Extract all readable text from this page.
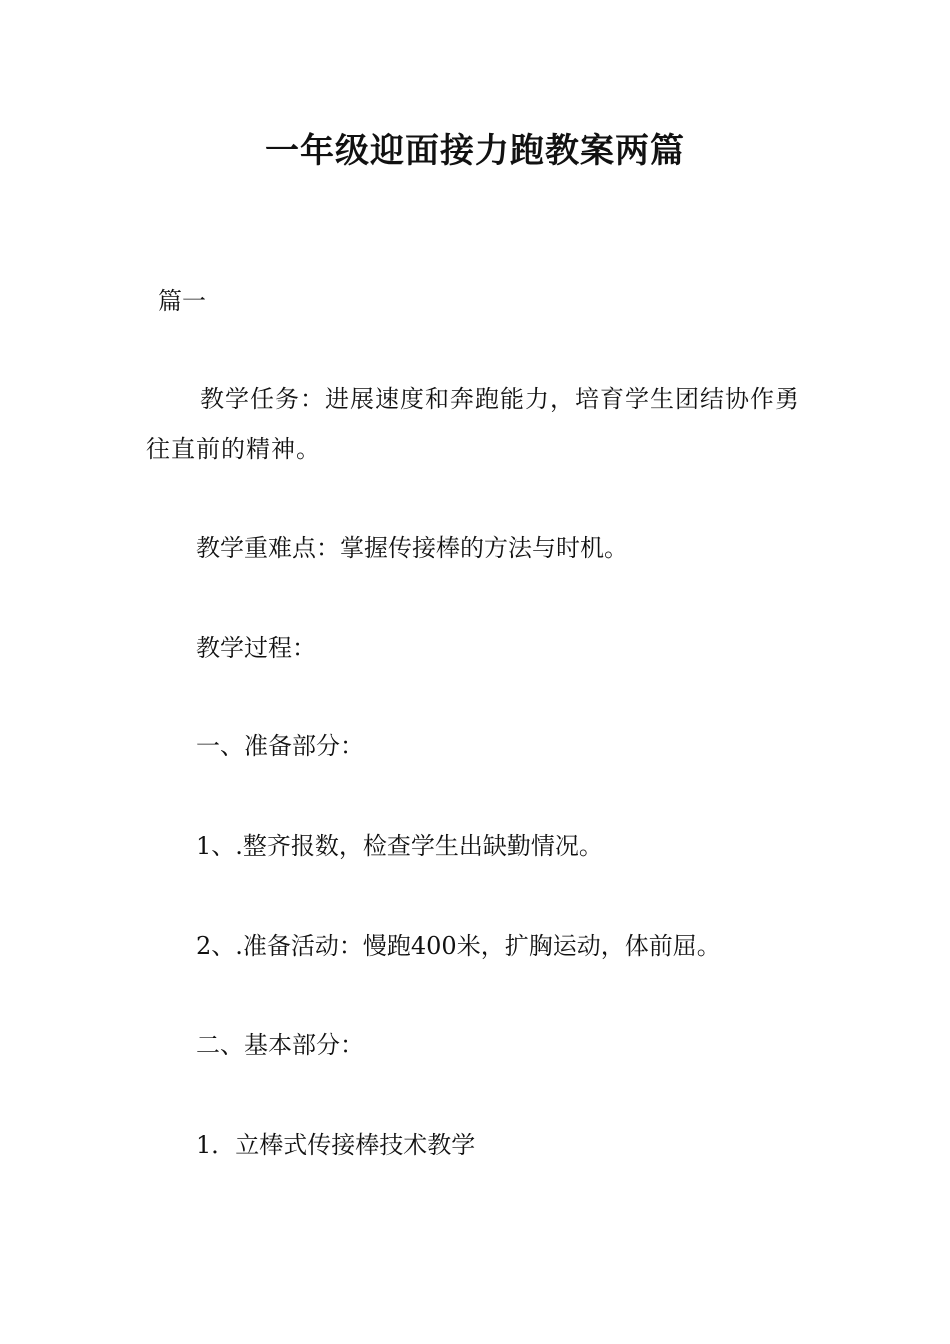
一年级迎面接力跑教案两篇

篇一

教学任务：进展速度和奔跑能力，培育学生团结协作勇往直前的精神。

教学重难点：掌握传接棒的方法与时机。

教学过程：

一、准备部分：

1、.整齐报数，检查学生出缺勤情况。

2、.准备活动：慢跑400米，扩胸运动，体前屈。

二、基本部分：

1．立棒式传接棒技术教学
